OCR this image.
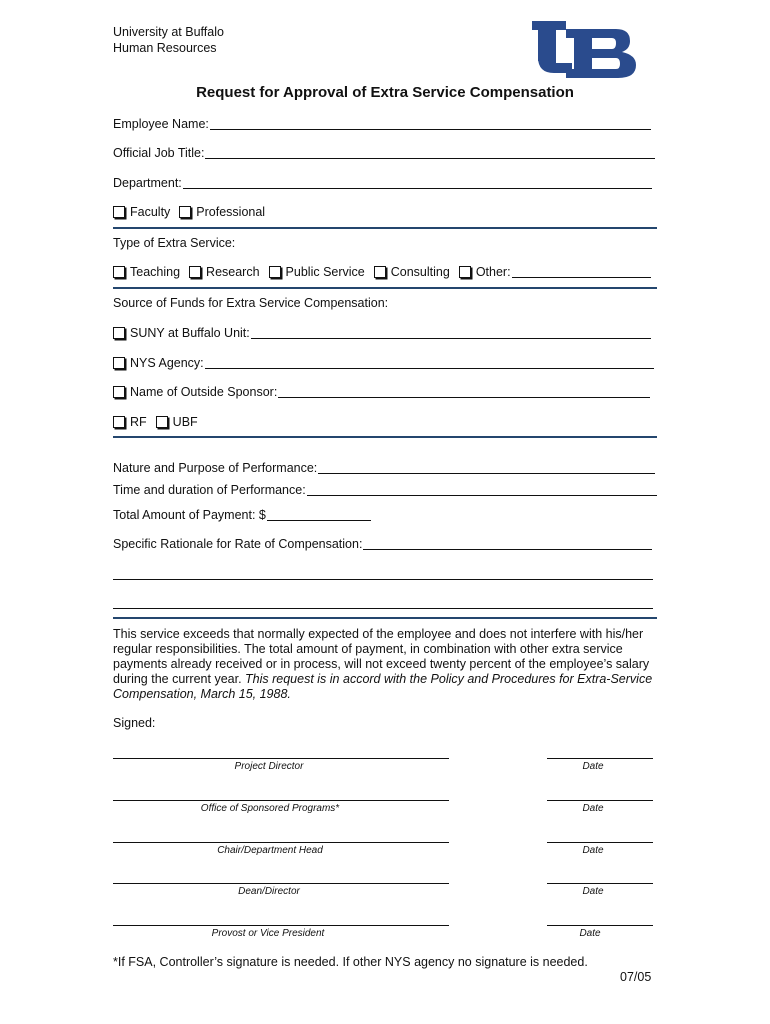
University at Buffalo
Human Resources
Request for Approval of Extra Service Compensation
Employee Name:
Official Job Title:
Department:
Faculty Professional
Type of Extra Service:
Teaching Research Public Service Consulting Other:
Source of Funds for Extra Service Compensation:
SUNY at Buffalo Unit:
NYS Agency:
Name of Outside Sponsor:
RF UBF
Nature and Purpose of Performance:
Time and duration of Performance:
Total Amount of Payment: $
Specific Rationale for Rate of Compensation:
This service exceeds that normally expected of the employee and does not interfere with his/her regular responsibilities. The total amount of payment, in combination with other extra service payments already received or in process, will not exceed twenty percent of the employee’s salary during the current year. This request is in accord with the Policy and Procedures for Extra-Service Compensation, March 15, 1988.
Signed:
Project Director	Date
Office of Sponsored Programs*	Date
Chair/Department Head	Date
Dean/Director	Date
Provost or Vice President	Date
*If FSA, Controller’s signature is needed. If other NYS agency no signature is needed.
07/05
